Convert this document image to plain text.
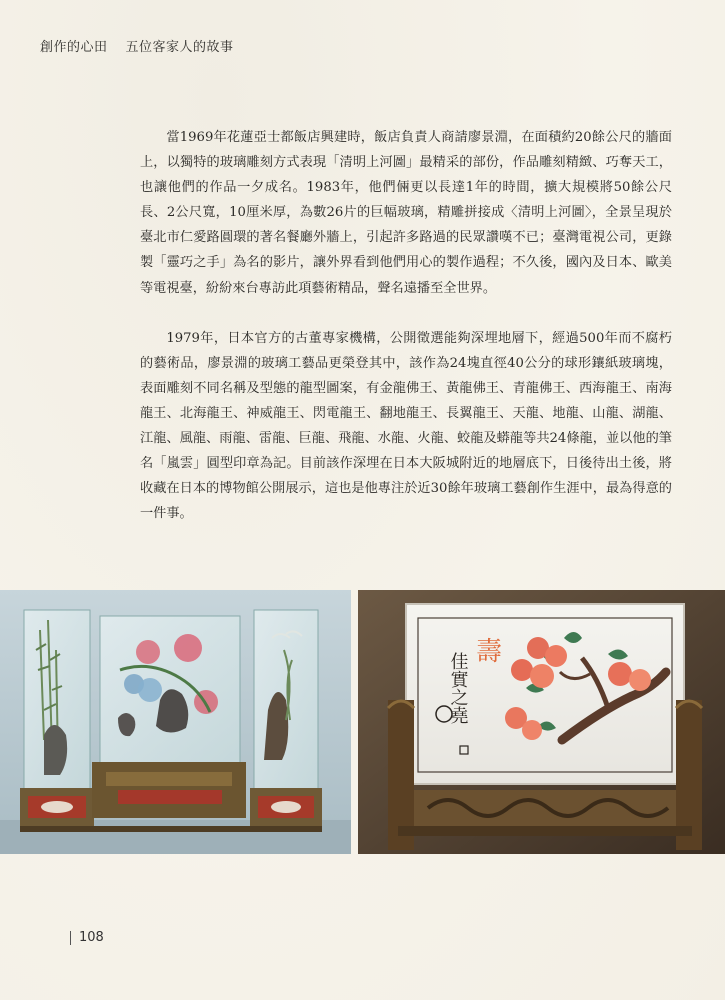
創作的心田 五位客家人的故事

當1969年花蓮亞士都飯店興建時，飯店負責人商請廖景淵，在面積約20餘公尺的牆面上，以獨特的玻璃雕刻方式表現「清明上河圖」最精采的部份，作品雕刻精緻、巧奪天工，也讓他們的作品一夕成名。1983年，他們倆更以長達1年的時間，擴大規模將50餘公尺長、2公尺寬，10厘米厚，為數26片的巨幅玻璃，精雕拼接成〈清明上河圖〉，全景呈現於臺北市仁愛路圓環的著名餐廳外牆上，引起許多路過的民眾讚嘆不已；臺灣電視公司，更錄製「靈巧之手」為名的影片，讓外界看到他們用心的製作過程；不久後，國內及日本、歐美等電視臺，紛紛來台專訪此項藝術精品，聲名遠播至全世界。

1979年，日本官方的古董專家機構，公開徵選能夠深埋地層下，經過500年而不腐朽的藝術品，廖景淵的玻璃工藝品更榮登其中，該作為24塊直徑40公分的球形鑲紙玻璃塊，表面雕刻不同名稱及型態的龍型圖案，有金龍佛王、黃龍佛王、青龍佛王、西海龍王、南海龍王、北海龍王、神威龍王、閃電龍王、翻地龍王、長翼龍王、天龍、地龍、山龍、湖龍、江龍、風龍、雨龍、雷龍、巨龍、飛龍、水龍、火龍、蛟龍及蟒龍等共24條龍，並以他的筆名「嵐雲」圓型印章為記。目前該作深埋在日本大阪城附近的地層底下，日後待出土後，將收藏在日本的博物館公開展示，這也是他專注於近30餘年玻璃工藝創作生涯中，最為得意的一件事。

佳實之堯 壽
108
